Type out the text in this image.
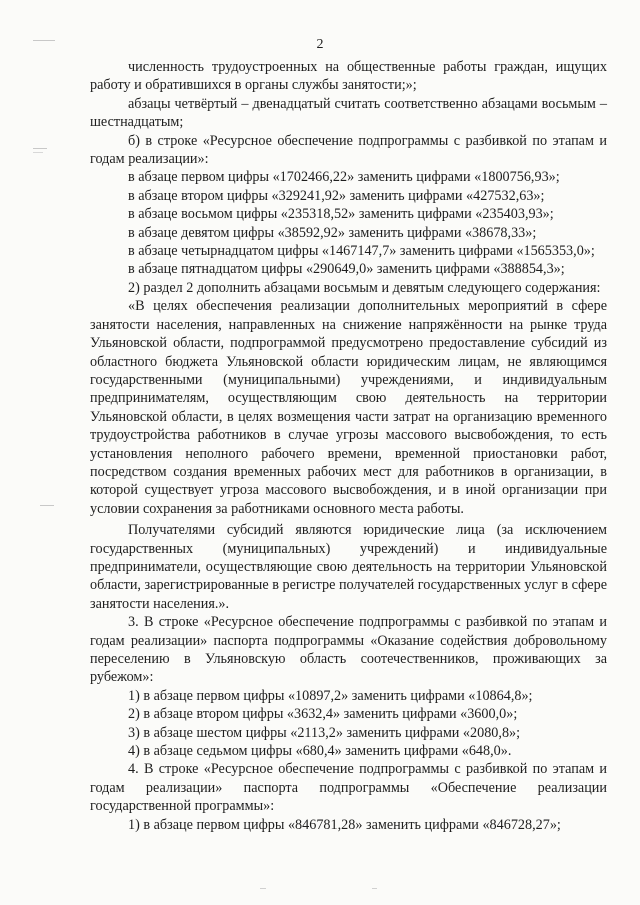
2

численность трудоустроенных на общественные работы граждан, ищущих работу и обратившихся в органы службы занятости;»;

абзацы четвёртый – двенадцатый считать соответственно абзацами восьмым – шестнадцатым;

б) в строке «Ресурсное обеспечение подпрограммы с разбивкой по этапам и годам реализации»:

в абзаце первом цифры «1702466,22» заменить цифрами «1800756,93»;

в абзаце втором цифры «329241,92» заменить цифрами «427532,63»;

в абзаце восьмом цифры «235318,52» заменить цифрами «235403,93»;

в абзаце девятом цифры «38592,92» заменить цифрами «38678,33»;

в абзаце четырнадцатом цифры «1467147,7» заменить цифрами «1565353,0»;

в абзаце пятнадцатом цифры «290649,0» заменить цифрами «388854,3»;

2) раздел 2 дополнить абзацами восьмым и девятым следующего содержания:

«В целях обеспечения реализации дополнительных мероприятий в сфере занятости населения, направленных на снижение напряжённости на рынке труда Ульяновской области, подпрограммой предусмотрено предоставление субсидий из областного бюджета Ульяновской области юридическим лицам, не являющимся государственными (муниципальными) учреждениями, и индивидуальным предпринимателям, осуществляющим свою деятельность на территории Ульяновской области, в целях возмещения части затрат на организацию временного трудоустройства работников в случае угрозы массового высвобождения, то есть установления неполного рабочего времени, временной приостановки работ, посредством создания временных рабочих мест для работников в организации, в которой существует угроза массового высвобождения, и в иной организации при условии сохранения за работниками основного места работы.

Получателями субсидий являются юридические лица (за исключением государственных (муниципальных) учреждений) и индивидуальные предприниматели, осуществляющие свою деятельность на территории Ульяновской области, зарегистрированные в регистре получателей государственных услуг в сфере занятости населения.».

3. В строке «Ресурсное обеспечение подпрограммы с разбивкой по этапам и годам реализации» паспорта подпрограммы «Оказание содействия добровольному переселению в Ульяновскую область соотечественников, проживающих за рубежом»:

1) в абзаце первом цифры «10897,2» заменить цифрами «10864,8»;

2) в абзаце втором цифры «3632,4» заменить цифрами «3600,0»;

3) в абзаце шестом цифры «2113,2» заменить цифрами «2080,8»;

4) в абзаце седьмом цифры «680,4» заменить цифрами «648,0».

4. В строке «Ресурсное обеспечение подпрограммы с разбивкой по этапам и годам реализации» паспорта подпрограммы «Обеспечение реализации государственной программы»:

1) в абзаце первом цифры «846781,28» заменить цифрами «846728,27»;
